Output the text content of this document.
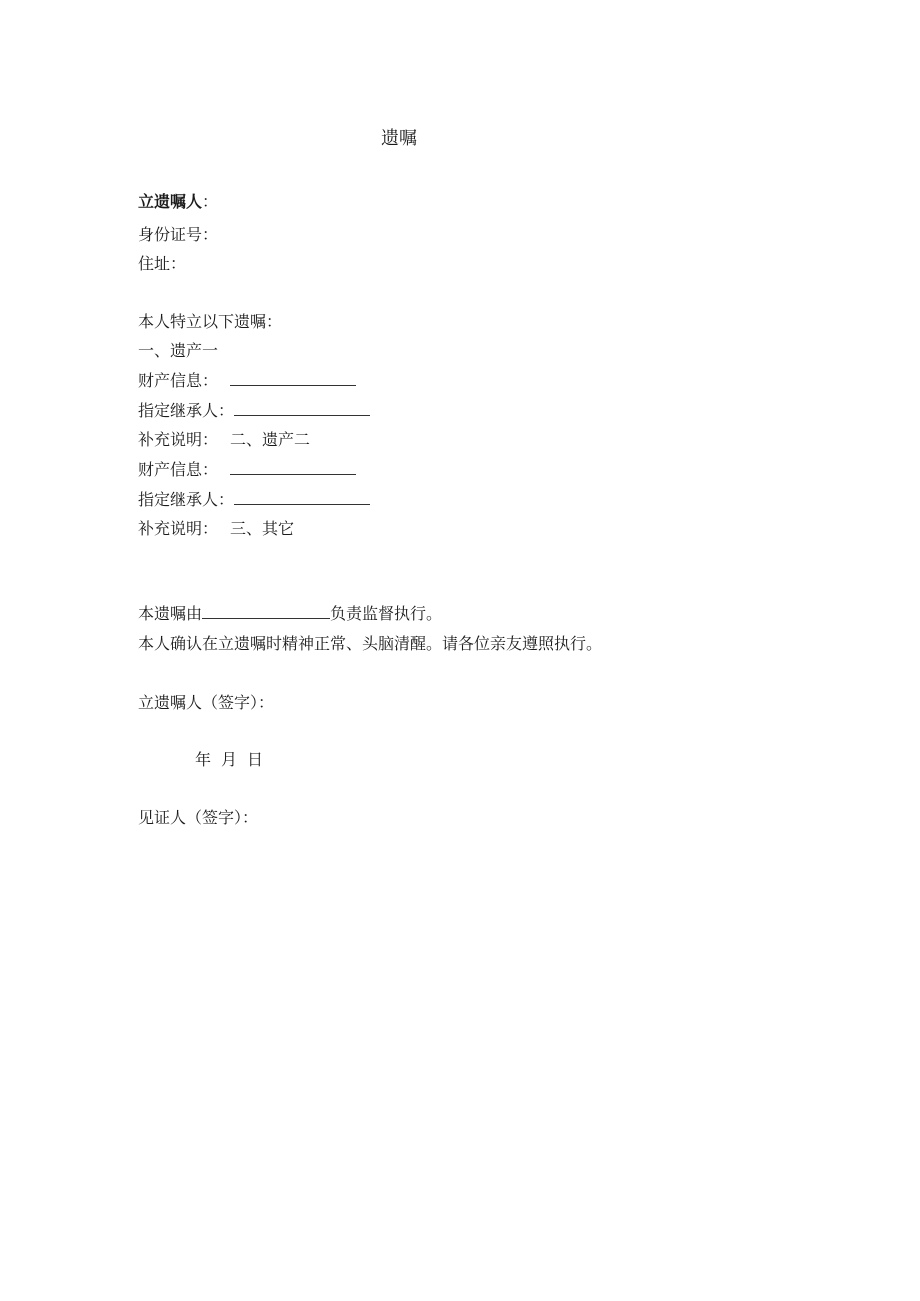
遗嘱
立遗嘱人：
身份证号：
住址：
本人特立以下遗嘱：
一、遗产一
财产信息：
指定继承人：
补充说明： 二、遗产二
财产信息：
指定继承人：
补充说明： 三、其它
本遗嘱由	负责监督执行。
本人确认在立遗嘱时精神正常、头脑清醒。请各位亲友遵照执行。
立遗嘱人（签字）：
年 月 日
见证人（签字）：
